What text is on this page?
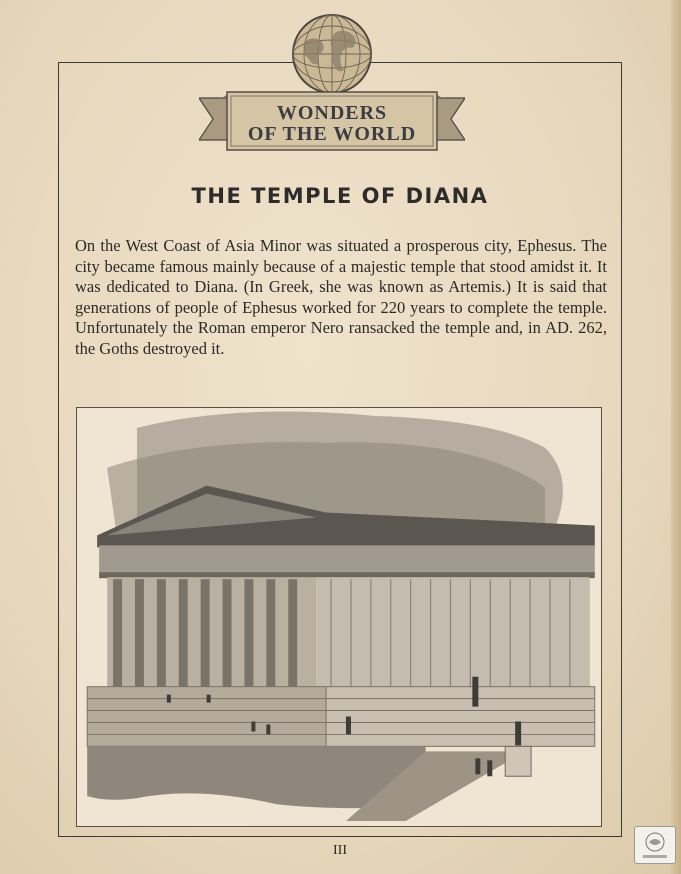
WONDERS
OF THE WORLD
THE TEMPLE OF DIANA
On the West Coast of Asia Minor was situated a prosperous city, Ephesus. The city became famous mainly because of a majestic temple that stood amidst it. It was dedicated to Diana. (In Greek, she was known as Artemis.) It is said that generations of people of Ephesus worked for 220 years to complete the temple. Unfortunately the Roman emperor Nero ransacked the temple and, in AD. 262, the Goths destroyed it.
III
